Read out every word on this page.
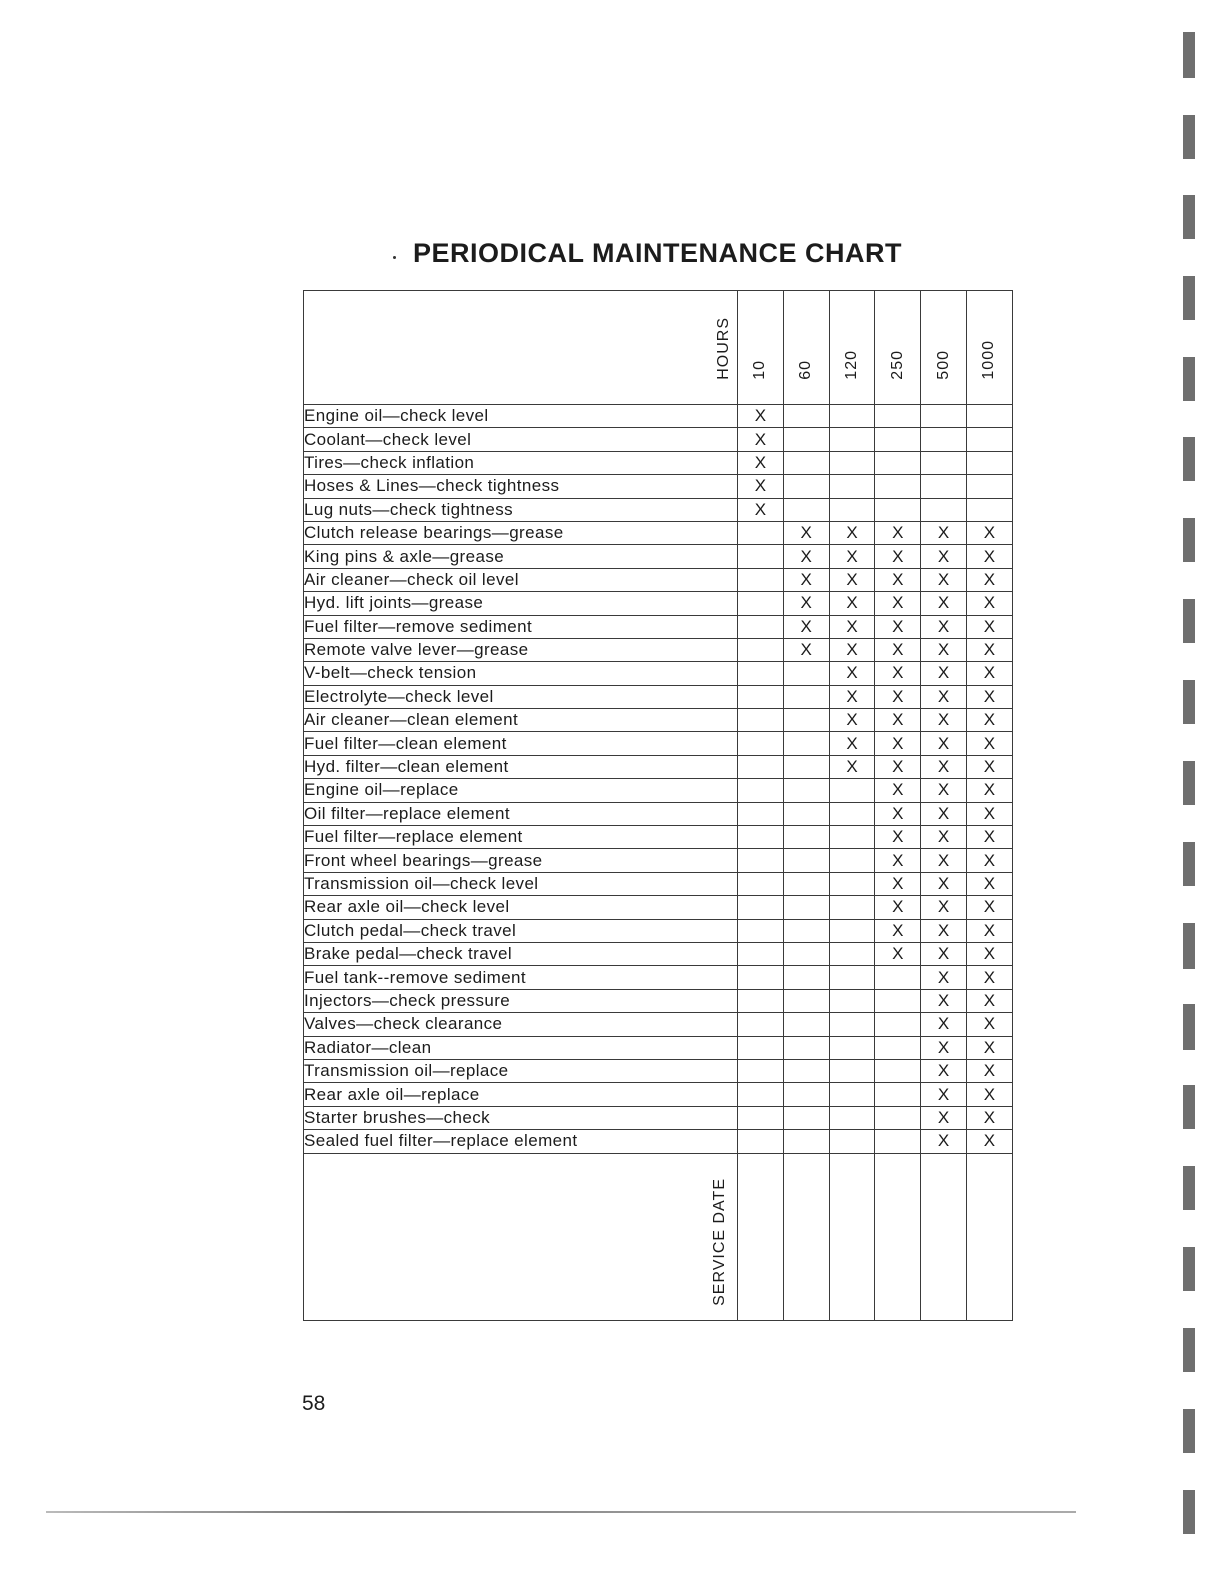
PERIODICAL MAINTENANCE CHART
HOURS	10	60	120	250	500	1000

Engine oil—check level	X					
Coolant—check level	X					
Tires—check inflation	X					
Hoses & Lines—check tightness	X					
Lug nuts—check tightness	X					
Clutch release bearings—grease		X	X	X	X	X
King pins & axle—grease		X	X	X	X	X
Air cleaner—check oil level		X	X	X	X	X
Hyd. lift joints—grease		X	X	X	X	X
Fuel filter—remove sediment		X	X	X	X	X
Remote valve lever—grease		X	X	X	X	X
V-belt—check tension			X	X	X	X
Electrolyte—check level			X	X	X	X
Air cleaner—clean element			X	X	X	X
Fuel filter—clean element			X	X	X	X
Hyd. filter—clean element			X	X	X	X
Engine oil—replace				X	X	X
Oil filter—replace element				X	X	X
Fuel filter—replace element				X	X	X
Front wheel bearings—grease				X	X	X
Transmission oil—check level				X	X	X
Rear axle oil—check level				X	X	X
Clutch pedal—check travel				X	X	X
Brake pedal—check travel				X	X	X
Fuel tank--remove sediment					X	X
Injectors—check pressure					X	X
Valves—check clearance					X	X
Radiator—clean					X	X
Transmission oil—replace					X	X
Rear axle oil—replace					X	X
Starter brushes—check					X	X
Sealed fuel filter—replace element					X	X

SERVICE DATE						

58
